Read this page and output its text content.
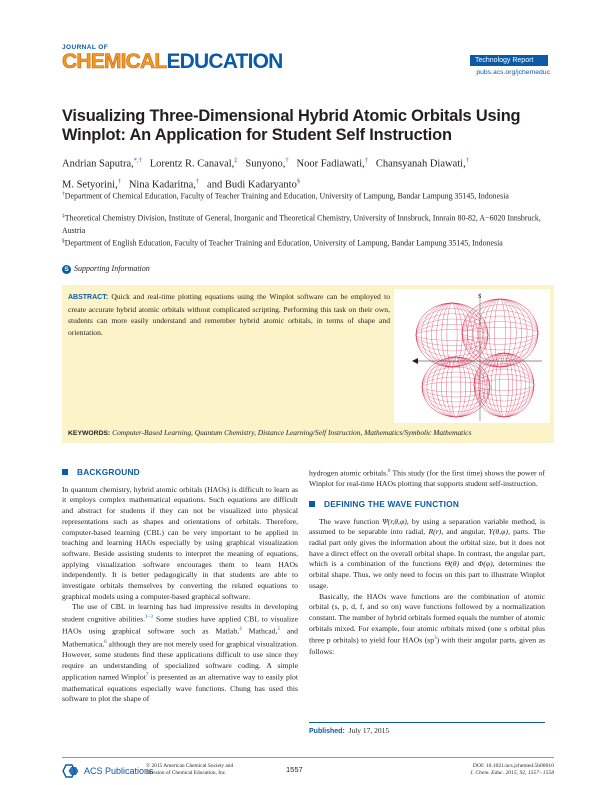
JOURNAL OF
CHEMICALEDUCATION	Technology Report
pubs.acs.org/jchemeduc
Visualizing Three-Dimensional Hybrid Atomic Orbitals Using Winplot: An Application for Student Self Instruction
Andrian Saputra,*,† Lorentz R. Canaval,‡ Sunyono,† Noor Fadiawati,† Chansyanah Diawati,†
M. Setyorini,† Nina Kadaritna,† and Budi Kadaryanto§
†Department of Chemical Education, Faculty of Teacher Training and Education, University of Lampung, Bandar Lampung 35145, Indonesia
‡Theoretical Chemistry Division, Institute of General, Inorganic and Theoretical Chemistry, University of Innsbruck, Innrain 80-82, A−6020 Innsbruck, Austria
§Department of English Education, Faculty of Teacher Training and Education, University of Lampung, Bandar Lampung 35145, Indonesia
S Supporting Information
ABSTRACT: Quick and real-time plotting equations using the Winplot software can be employed to create accurate hybrid atomic orbitals without complicated scripting. Performing this task on their own, students can more easily understand and remember hybrid atomic orbitals, in terms of shape and orientation.
S
KEYWORDS: Computer-Based Learning, Quantum Chemistry, Distance Learning/Self Instruction, Mathematics/Symbolic Mathematics
BACKGROUND

In quantum chemistry, hybrid atomic orbitals (HAOs) is difficult to learn as it employs complex mathematical equations. Such equations are difficult and abstract for students if they can not be visualized into physical representations such as shapes and orientations of orbitals. Therefore, computer-based learning (CBL) can be very important to be applied in teaching and learning HAOs especially by using graphical visualization software. Beside assisting students to interpret the meaning of equations, applying visualization software encourages them to learn HAOs independently. It is better pedagogically in that students are able to investigate orbitals themselves by converting the related equations to graphical models using a computer-based graphical software.

The use of CBL in learning has had impressive results in developing student cognitive abilities.$^{1-3}$ Some studies have applied CBL to visualize HAOs using graphical software such as Matlab,$^4$ Mathcad,$^5$ and Mathematica,$^6$ although they are not merely used for graphical visualization. However, some students find these applications difficult to use since they require an understanding of specialized software coding. A simple application named Winplot$^7$ is presented as an alternative way to easily plot mathematical equations especially wave functions. Chung has used this software to plot the shape of

hydrogen atomic orbitals.$^8$ This study (for the first time) shows the power of Winplot for real-time HAOs plotting that supports student self-instruction.

DEFINING THE WAVE FUNCTION

The wave function Ψ(r,θ,φ), by using a separation variable method, is assumed to be separable into radial, R(r), and angular, Y(θ,φ), parts. The radial part only gives the information about the orbital size, but it does not have a direct effect on the overall orbital shape. In contrast, the angular part, which is a combination of the functions Θ(θ) and Φ(φ), determines the orbital shape. Thus, we only need to focus on this part to illustrate Winplot usage.

Basically, the HAOs wave functions are the combination of atomic orbital (s, p, d, f, and so on) wave functions followed by a normalization constant. The number of hybrid orbitals formed equals the number of atomic orbitals mixed. For example, four atomic orbitals mixed (one s orbital plus three p orbitals) to yield four HAOs $(sp^3)$ with their angular parts, given as follows:

Published: July 17, 2015
ACS Publications
© 2015 American Chemical Society and
Division of Chemical Education, Inc.	1557	DOI: 10.1021/acs.jchemed.5b00010
J. Chem. Educ. 2015, 92, 1557−1558
